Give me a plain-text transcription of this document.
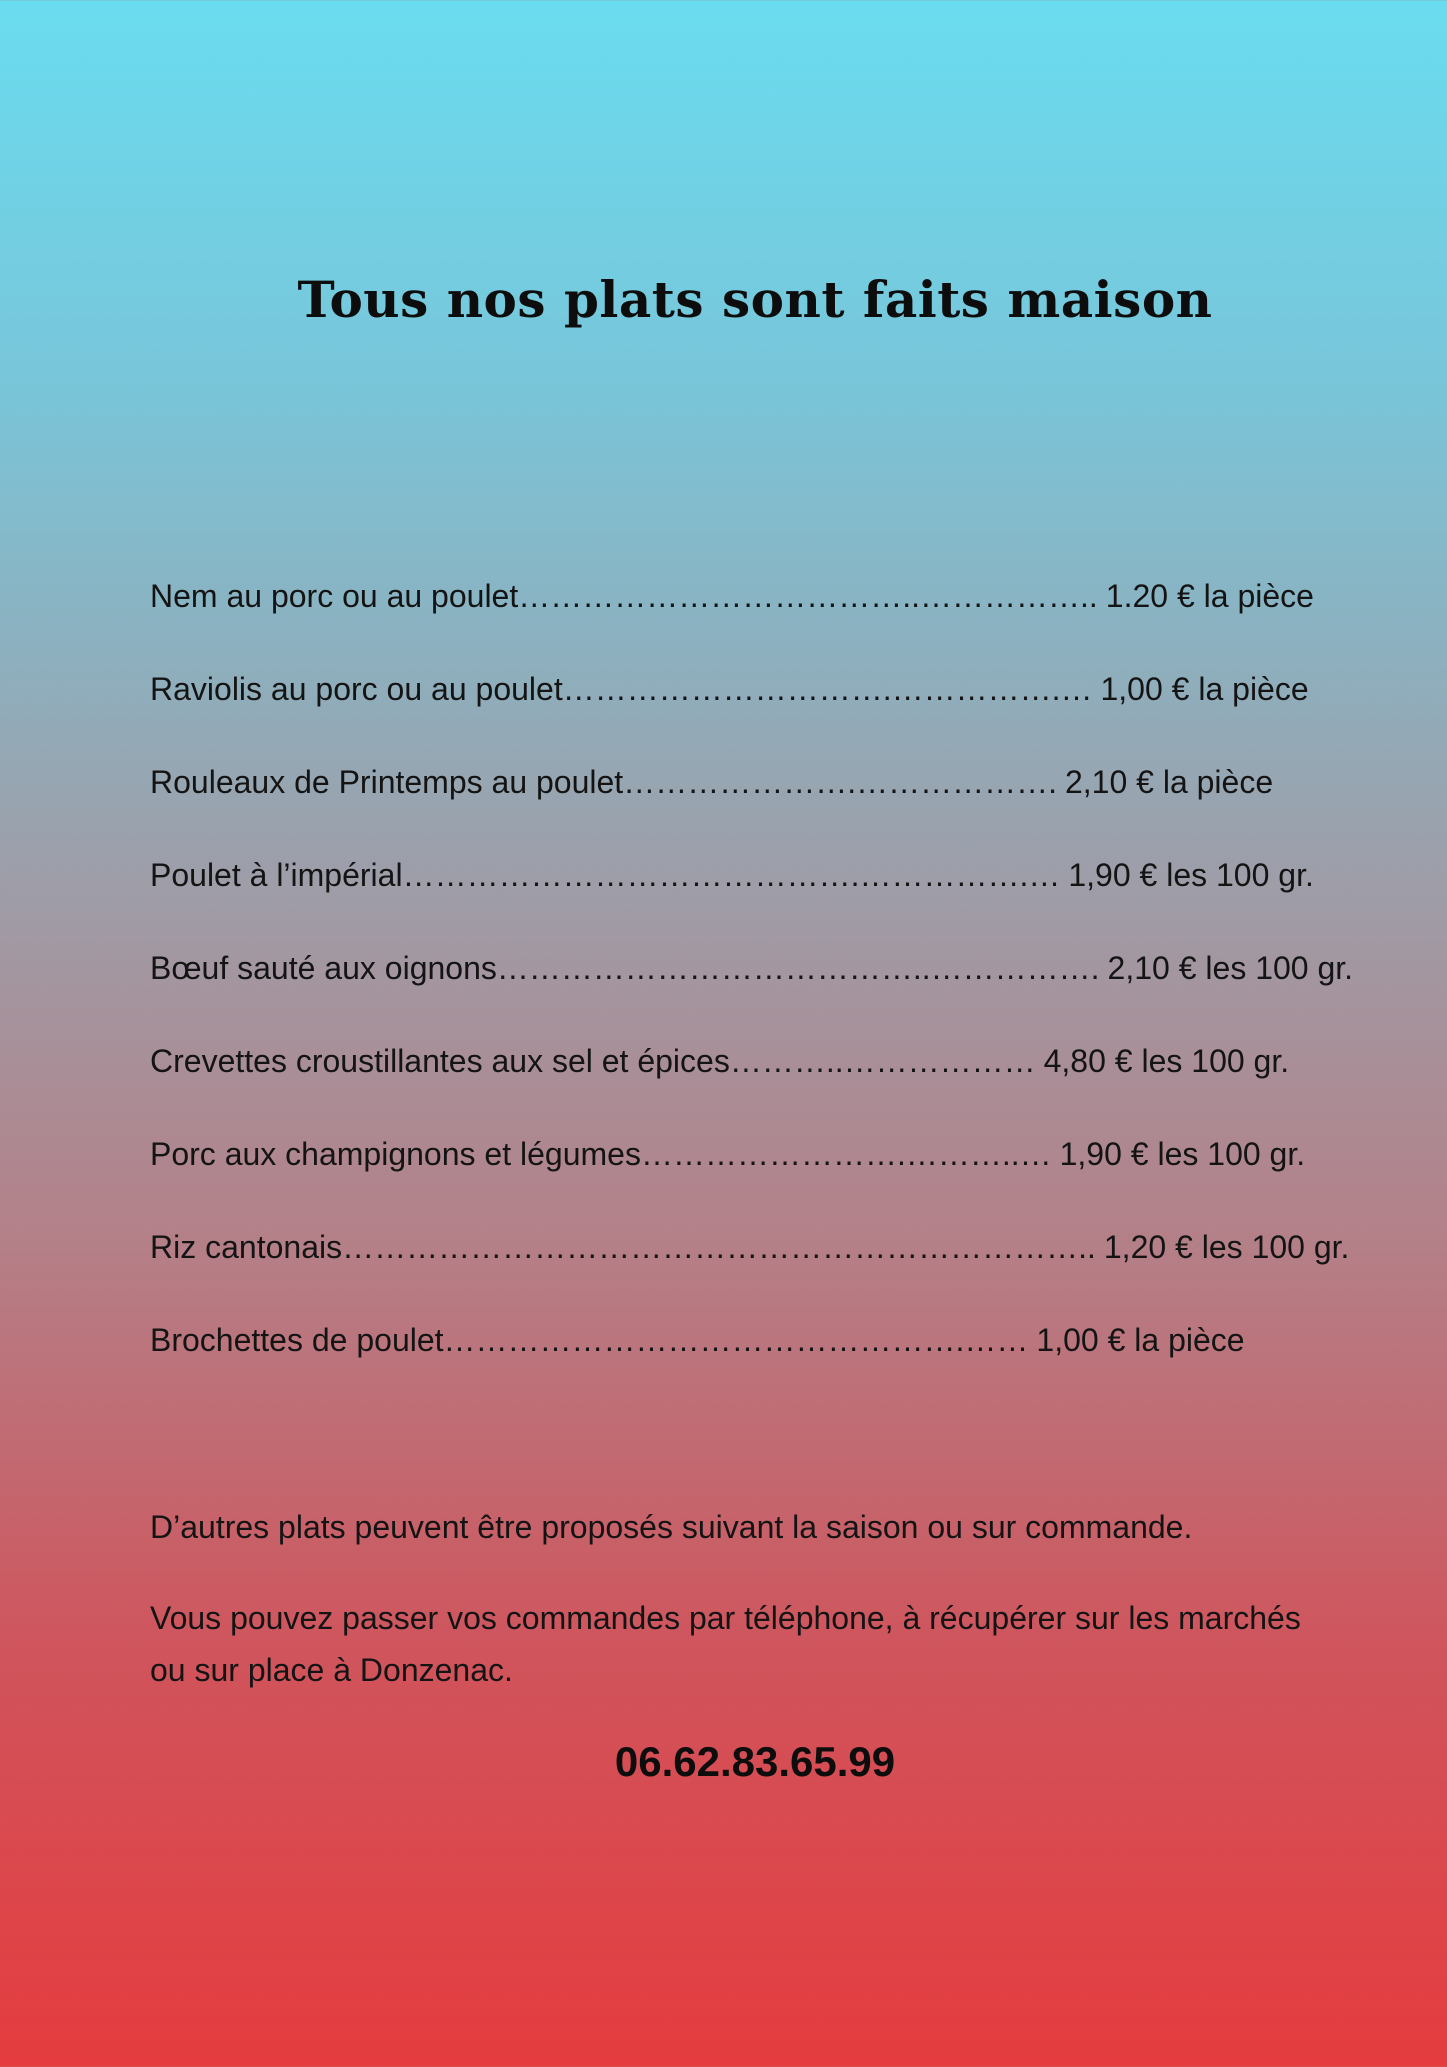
Tous nos plats sont faits maison
Nem au porc ou au poulet………………………………..…………….. 1.20 € la pièce
Raviolis au porc ou au poulet………………………….…………….… 1,00 € la pièce
Rouleaux de Printemps au poulet………………….………………. 2,10 € la pièce
Poulet à l’impérial…………………………………….…………….… 1,90 € les 100 gr.
Bœuf sauté aux oignons…………………………………..……………. 2,10 € les 100 gr.
Crevettes croustillantes aux sel et épices………..……………… 4,80 € les 100 gr.
Porc aux champignons et légumes…………………….………..… 1,90 € les 100 gr.
Riz cantonais…………………………………………………………….. 1,20 € les 100 gr.
Brochettes de poulet………………………………………….…… 1,00 € la pièce
D’autres plats peuvent être proposés suivant la saison ou sur commande.
Vous pouvez passer vos commandes par téléphone, à récupérer sur les marchés ou sur place à Donzenac.
06.62.83.65.99
